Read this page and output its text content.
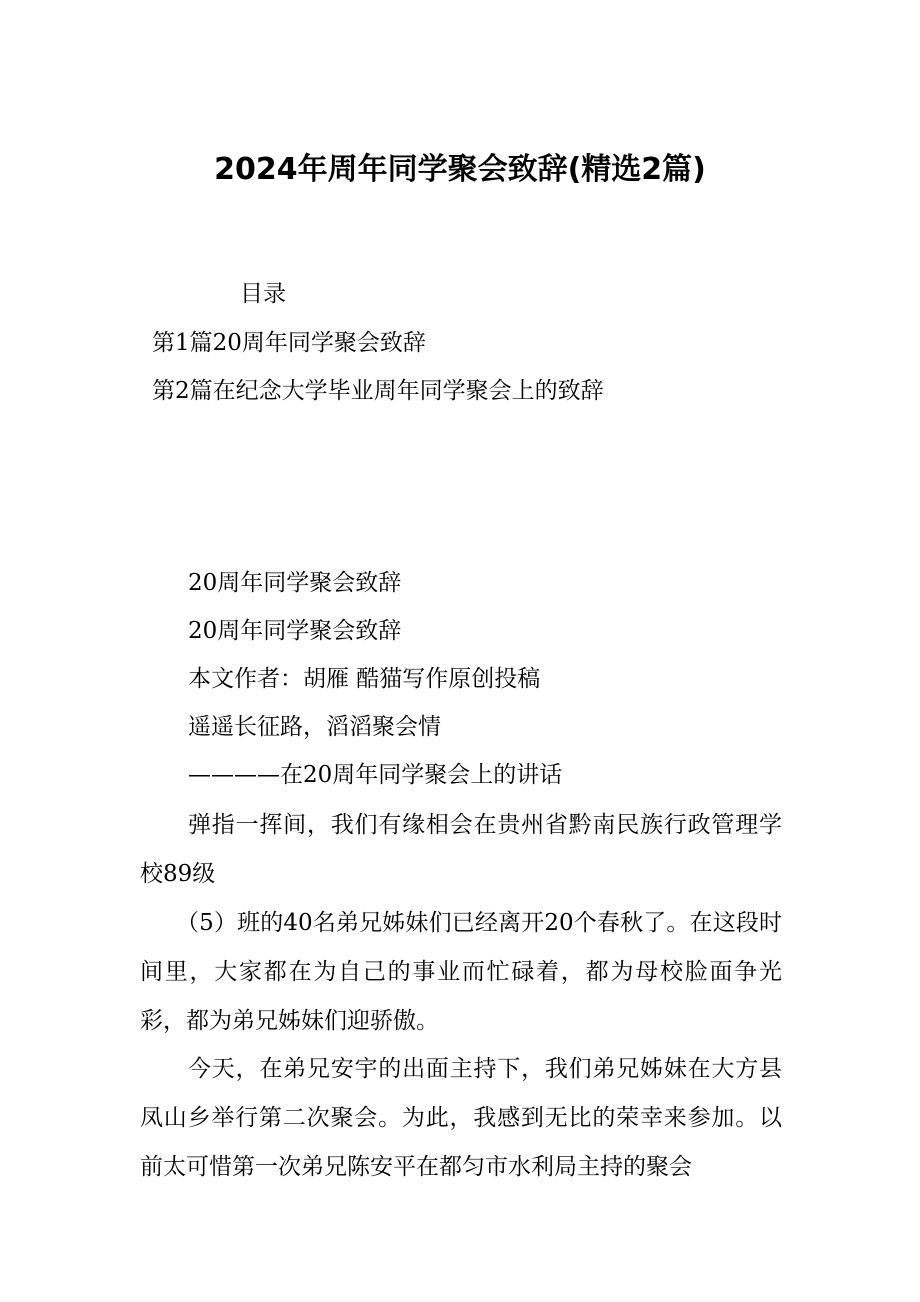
2024年周年同学聚会致辞(精选2篇)
目录
第1篇20周年同学聚会致辞
第2篇在纪念大学毕业周年同学聚会上的致辞
20周年同学聚会致辞
20周年同学聚会致辞
本文作者：胡雁 酷猫写作原创投稿
遥遥长征路，滔滔聚会情
————在20周年同学聚会上的讲话

弹指一挥间，我们有缘相会在贵州省黔南民族行政管理学校89级

（5）班的40名弟兄姊妹们已经离开20个春秋了。在这段时间里，大家都在为自己的事业而忙碌着，都为母校脸面争光彩，都为弟兄姊妹们迎骄傲。

今天，在弟兄安宇的出面主持下，我们弟兄姊妹在大方县凤山乡举行第二次聚会。为此，我感到无比的荣幸来参加。以前太可惜第一次弟兄陈安平在都匀市水利局主持的聚会
